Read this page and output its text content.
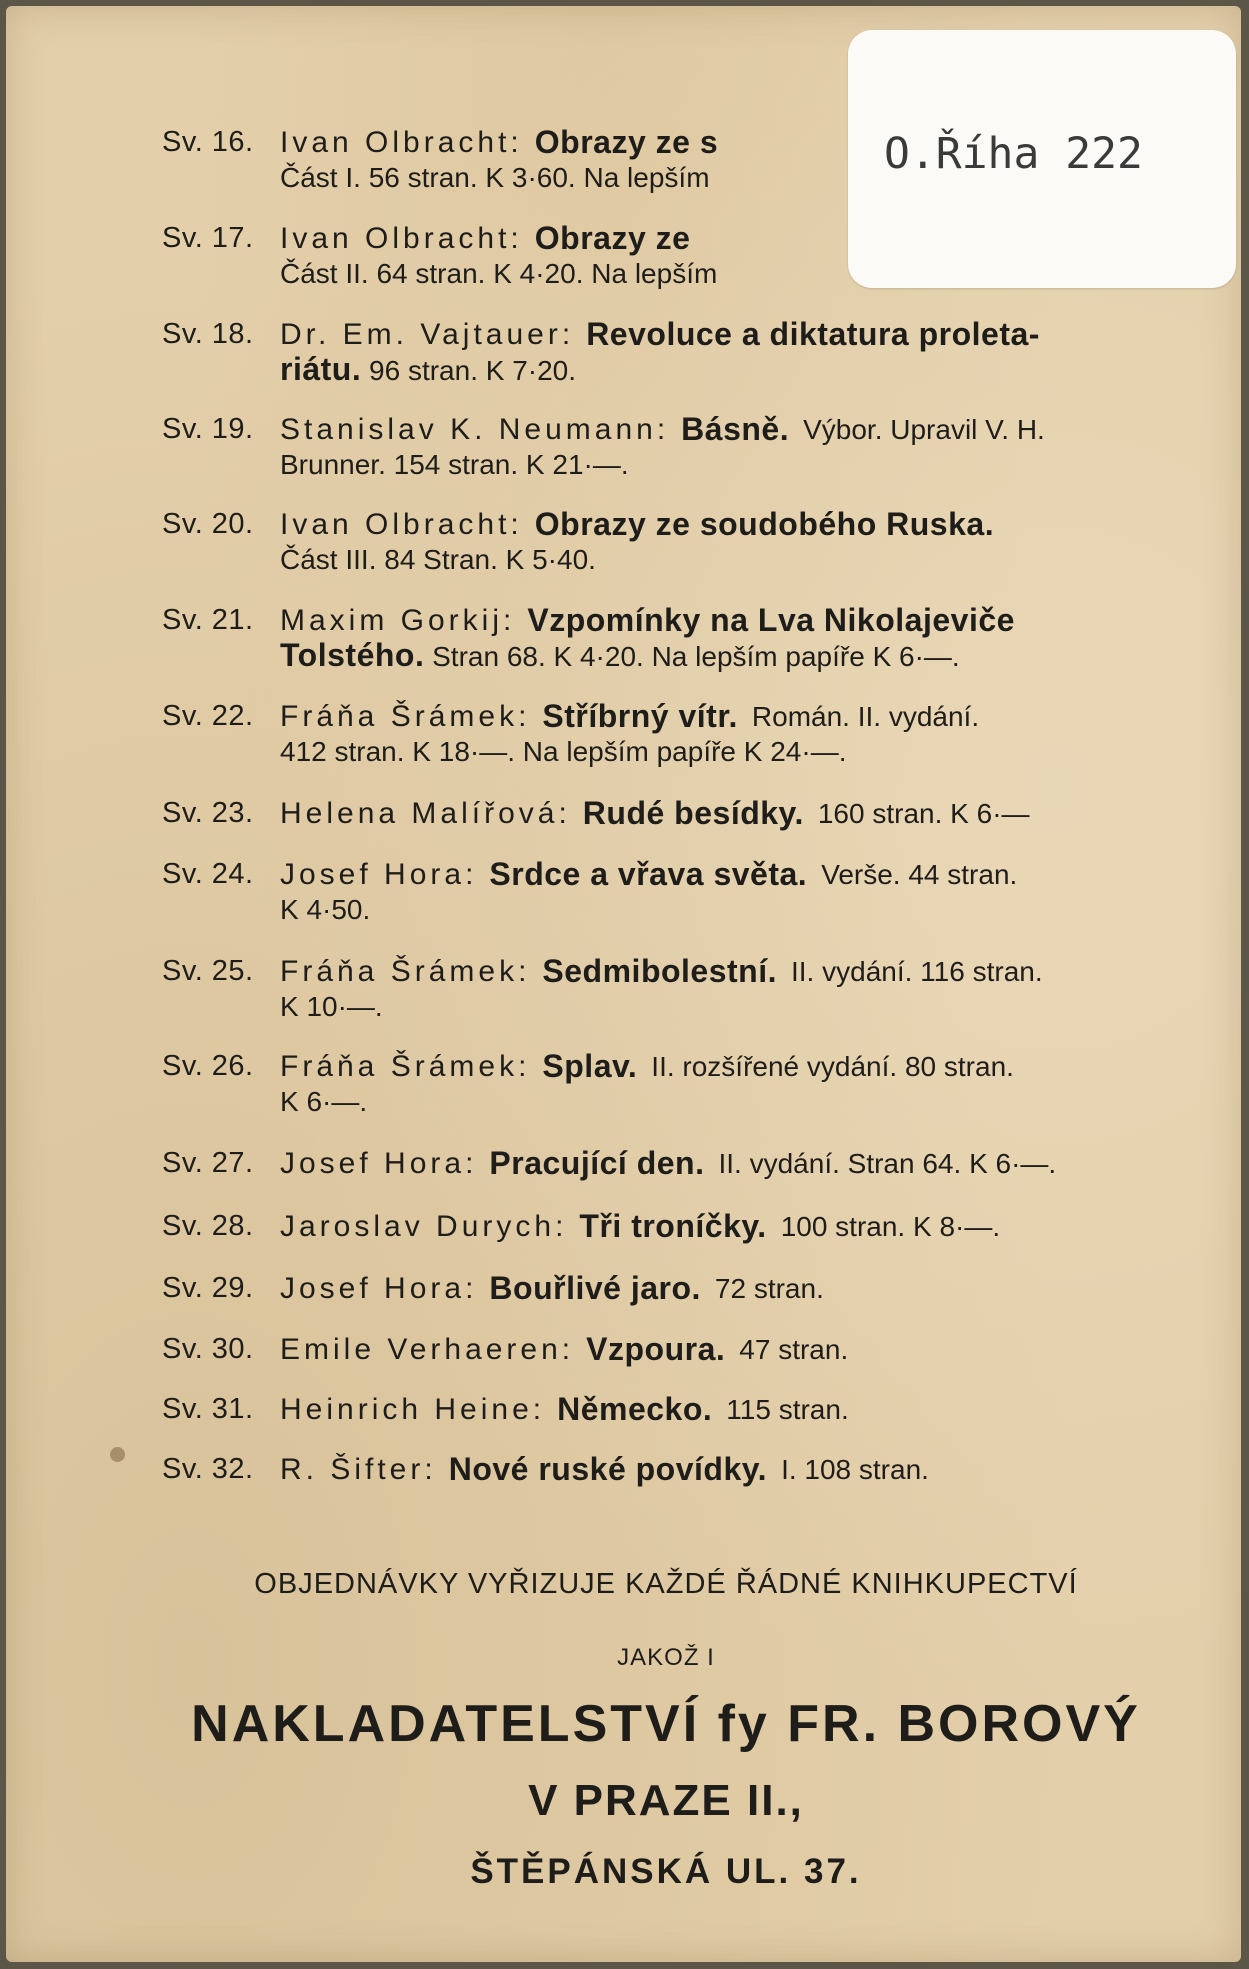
Sv. 16. Ivan Olbracht: Obrazy ze s
Část I. 56 stran. K 3·60. Na lepším
Sv. 17. Ivan Olbracht: Obrazy ze
Část II. 64 stran. K 4·20. Na lepším
Sv. 18. Dr. Em. Vajtauer: Revoluce a diktatura proleta-
riátu. 96 stran. K 7·20.
Sv. 19. Stanislav K. Neumann: Básně. Výbor. Upravil V. H.
Brunner. 154 stran. K 21·—.
Sv. 20. Ivan Olbracht: Obrazy ze soudobého Ruska.
Část III. 84 Stran. K 5·40.
Sv. 21. Maxim Gorkij: Vzpomínky na Lva Nikolajeviče
Tolstého. Stran 68. K 4·20. Na lepším papíře K 6·—.
Sv. 22. Fráňa Šrámek: Stříbrný vítr. Román. II. vydání.
412 stran. K 18·—. Na lepším papíře K 24·—.
Sv. 23. Helena Malířová: Rudé besídky. 160 stran. K 6·—
Sv. 24. Josef Hora: Srdce a vřava světa. Verše. 44 stran.
K 4·50.
Sv. 25. Fráňa Šrámek: Sedmibolestní. II. vydání. 116 stran.
K 10·—.
Sv. 26. Fráňa Šrámek: Splav. II. rozšířené vydání. 80 stran.
K 6·—.
Sv. 27. Josef Hora: Pracující den. II. vydání. Stran 64. K 6·—.
Sv. 28. Jaroslav Durych: Tři troníčky. 100 stran. K 8·—.
Sv. 29. Josef Hora: Bouřlivé jaro. 72 stran.
Sv. 30. Emile Verhaeren: Vzpoura. 47 stran.
Sv. 31. Heinrich Heine: Německo. 115 stran.
Sv. 32. R. Šifter: Nové ruské povídky. I. 108 stran.
OBJEDNÁVKY VYŘIZUJE KAŽDÉ ŘÁDNÉ KNIHKUPECTVÍ
JAKOŽ I
NAKLADATELSTVÍ fy FR. BOROVÝ
V PRAZE II.,
ŠTĚPÁNSKÁ UL. 37.
O.Říha 222
